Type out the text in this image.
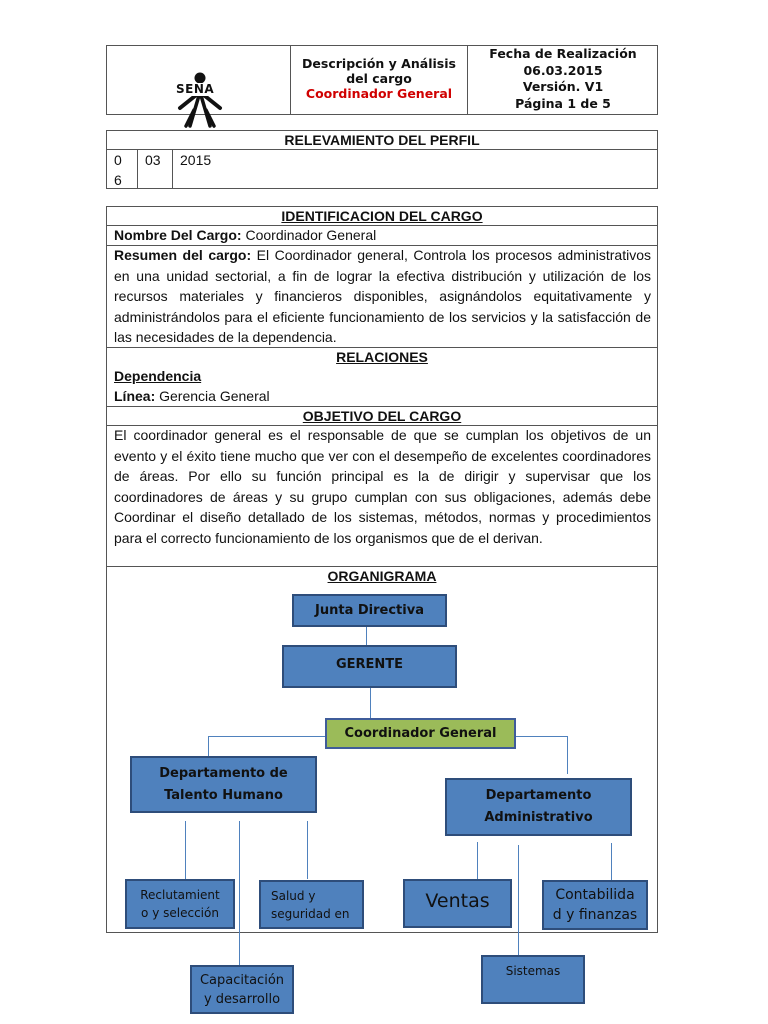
SENA
Descripción y Análisis
del cargo
Coordinador General
Fecha de Realización
06.03.2015
Versión. V1
Página 1 de 5
RELEVAMIENTO DEL PERFIL
0
6
03 2015
IDENTIFICACION DEL CARGO
Nombre Del Cargo: Coordinador General
Resumen del cargo: El Coordinador general, Controla los procesos administrativos en una unidad sectorial, a fin de lograr la efectiva distribución y utilización de los recursos materiales y financieros disponibles, asignándolos equitativamente y administrándolos para el eficiente funcionamiento de los servicios y la satisfacción de las necesidades de la dependencia.
RELACIONES
Dependencia
Línea: Gerencia General
OBJETIVO DEL CARGO
El coordinador general es el responsable de que se cumplan los objetivos de un evento y el éxito tiene mucho que ver con el desempeño de excelentes coordinadores de áreas. Por ello su función principal es la de dirigir y supervisar que los coordinadores de áreas y su grupo cumplan con sus obligaciones, además debe Coordinar el diseño detallado de los sistemas, métodos, normas y procedimientos para el correcto funcionamiento de los organismos que de el derivan.
ORGANIGRAMA
Junta Directiva
GERENTE
Coordinador General
Departamento de
Talento Humano	Departamento
Administrativo
Reclutamient
o y selección
Salud y
seguridad en
Ventas	Contabilida
d y finanzas
Capacitación
y desarrollo
Sistemas
